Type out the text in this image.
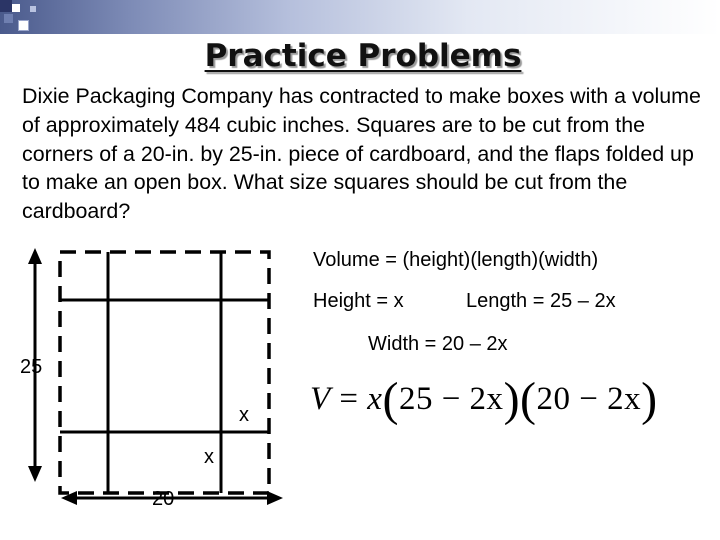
Practice Problems
Dixie Packaging Company has contracted to make boxes with a volume of approximately 484 cubic inches. Squares are to be cut from the corners of a 20-in. by 25-in. piece of cardboard, and the flaps folded up to make an open box. What size squares should be cut from the cardboard?
25
20
x
x
Volume = (height)(length)(width)
Height = x	Length = 25 – 2x
Width = 20 – 2x
V = x(25 − 2x)(20 − 2x)
